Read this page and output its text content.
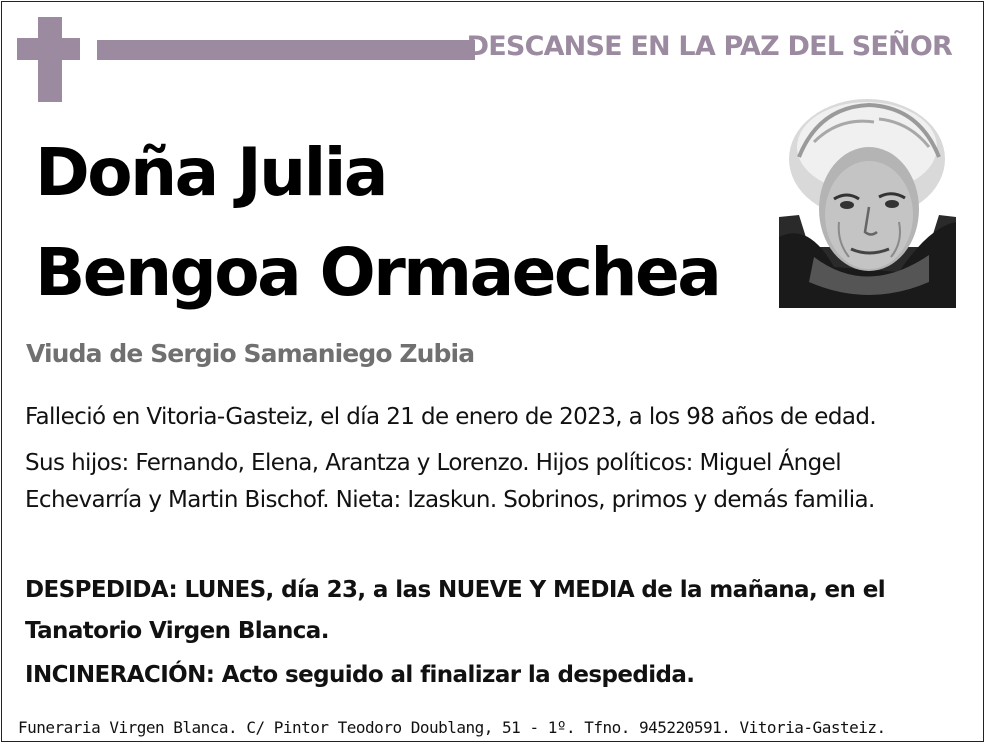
DESCANSE EN LA PAZ DEL SEÑOR
Doña Julia
Bengoa Ormaechea
Viuda de Sergio Samaniego Zubia
Falleció en Vitoria-Gasteiz, el día 21 de enero de 2023, a los 98 años de edad.
Sus hijos: Fernando, Elena, Arantza y Lorenzo. Hijos políticos: Miguel Ángel Echevarría y Martin Bischof. Nieta: Izaskun. Sobrinos, primos y demás familia.
DESPEDIDA: LUNES, día 23, a las NUEVE Y MEDIA de la mañana, en el Tanatorio Virgen Blanca.
INCINERACIÓN: Acto seguido al finalizar la despedida.
Funeraria Virgen Blanca. C/ Pintor Teodoro Doublang, 51 - 1º. Tfno. 945220591. Vitoria-Gasteiz.
